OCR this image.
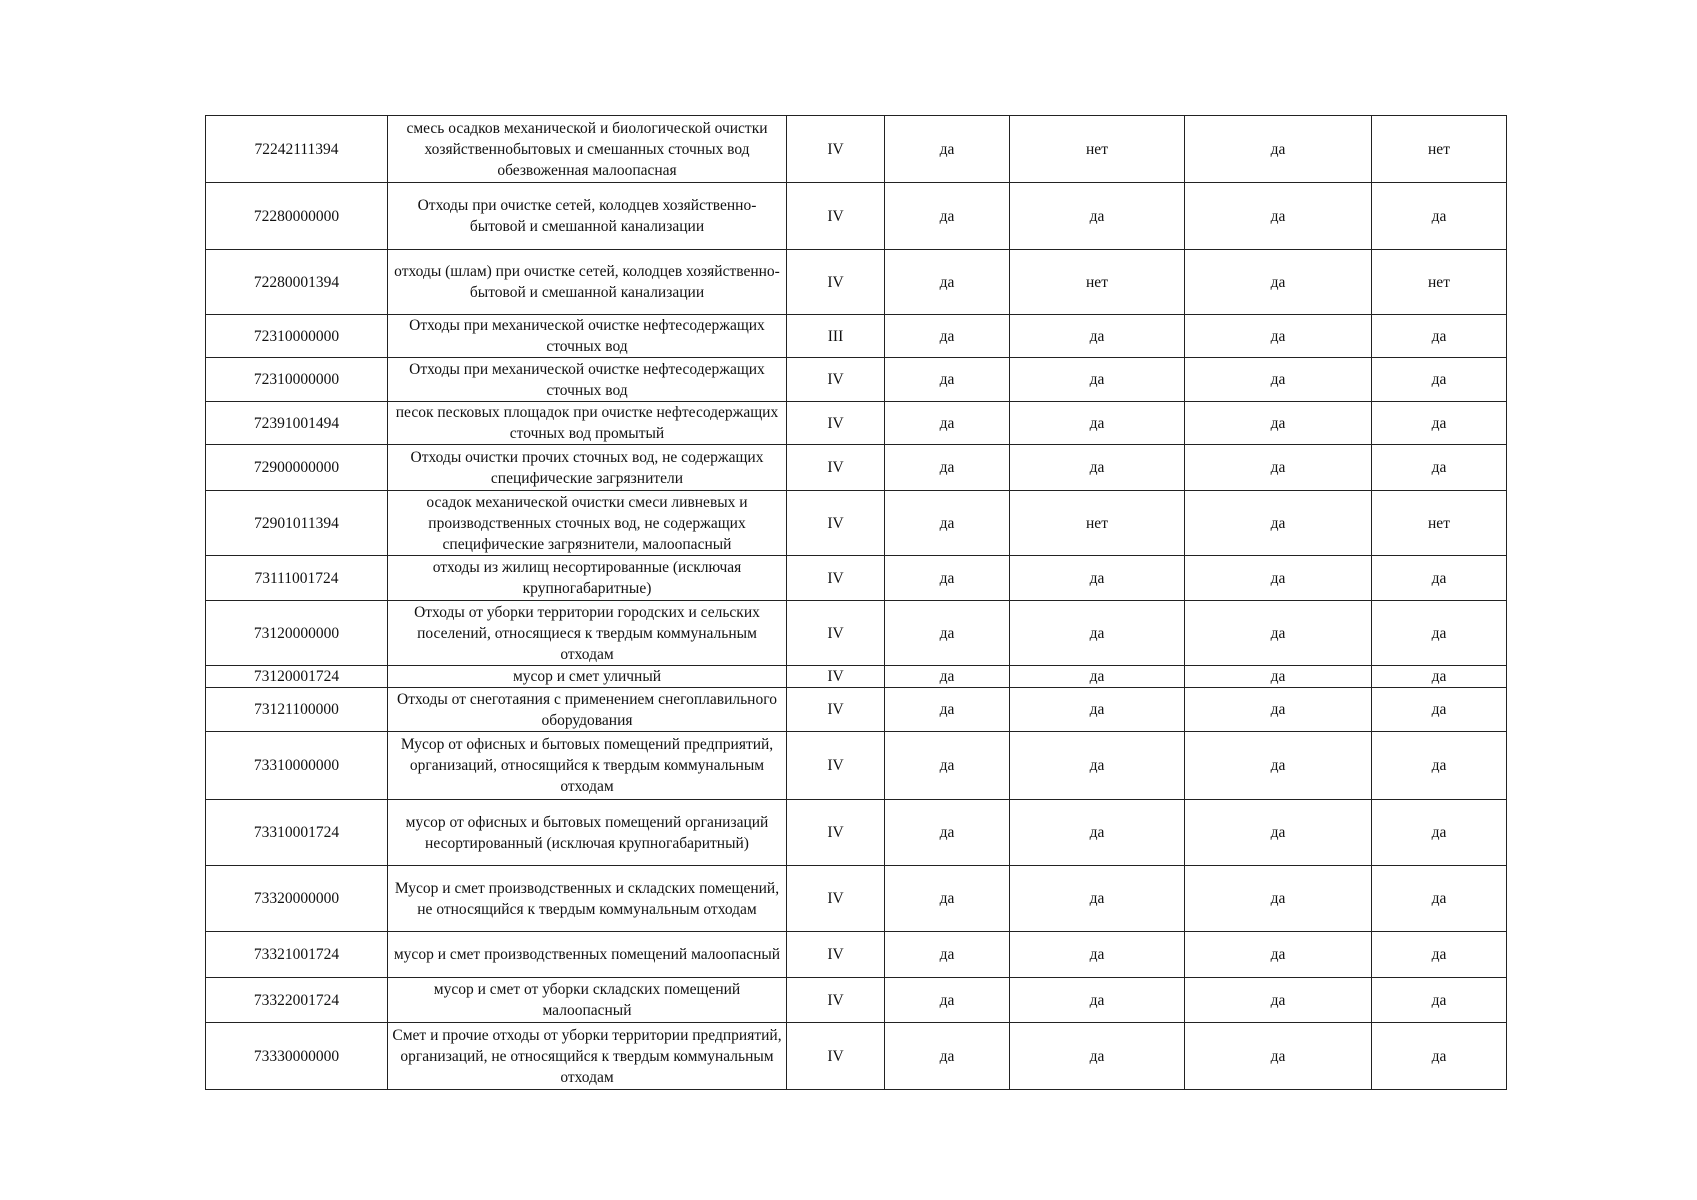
72242111394	смесь осадков механической и биологической очистки хозяйственнобытовых и смешанных сточных вод обезвоженная малоопасная	IV	да	нет	да	нет
72280000000	Отходы при очистке сетей, колодцев хозяйственно-бытовой и смешанной канализации	IV	да	да	да	да
72280001394	отходы (шлам) при очистке сетей, колодцев хозяйственно-бытовой и смешанной канализации	IV	да	нет	да	нет
72310000000	Отходы при механической очистке нефтесодержащих сточных вод	III	да	да	да	да
72310000000	Отходы при механической очистке нефтесодержащих сточных вод	IV	да	да	да	да
72391001494	песок песковых площадок при очистке нефтесодержащих сточных вод промытый	IV	да	да	да	да
72900000000	Отходы очистки прочих сточных вод, не содержащих специфические загрязнители	IV	да	да	да	да
72901011394	осадок механической очистки смеси ливневых и производственных сточных вод, не содержащих специфические загрязнители, малоопасный	IV	да	нет	да	нет
73111001724	отходы из жилищ несортированные (исключая крупногабаритные)	IV	да	да	да	да
73120000000	Отходы от уборки территории городских и сельских поселений, относящиеся к твердым коммунальным отходам	IV	да	да	да	да
73120001724	мусор и смет уличный	IV	да	да	да	да
73121100000	Отходы от снеготаяния с применением снегоплавильного оборудования	IV	да	да	да	да
73310000000	Мусор от офисных и бытовых помещений предприятий, организаций, относящийся к твердым коммунальным отходам	IV	да	да	да	да
73310001724	мусор от офисных и бытовых помещений организаций несортированный (исключая крупногабаритный)	IV	да	да	да	да
73320000000	Мусор и смет производственных и складских помещений, не относящийся к твердым коммунальным отходам	IV	да	да	да	да
73321001724	мусор и смет производственных помещений малоопасный	IV	да	да	да	да
73322001724	мусор и смет от уборки складских помещений малоопасный	IV	да	да	да	да
73330000000	Смет и прочие отходы от уборки территории предприятий, организаций, не относящийся к твердым коммунальным отходам	IV	да	да	да	да
